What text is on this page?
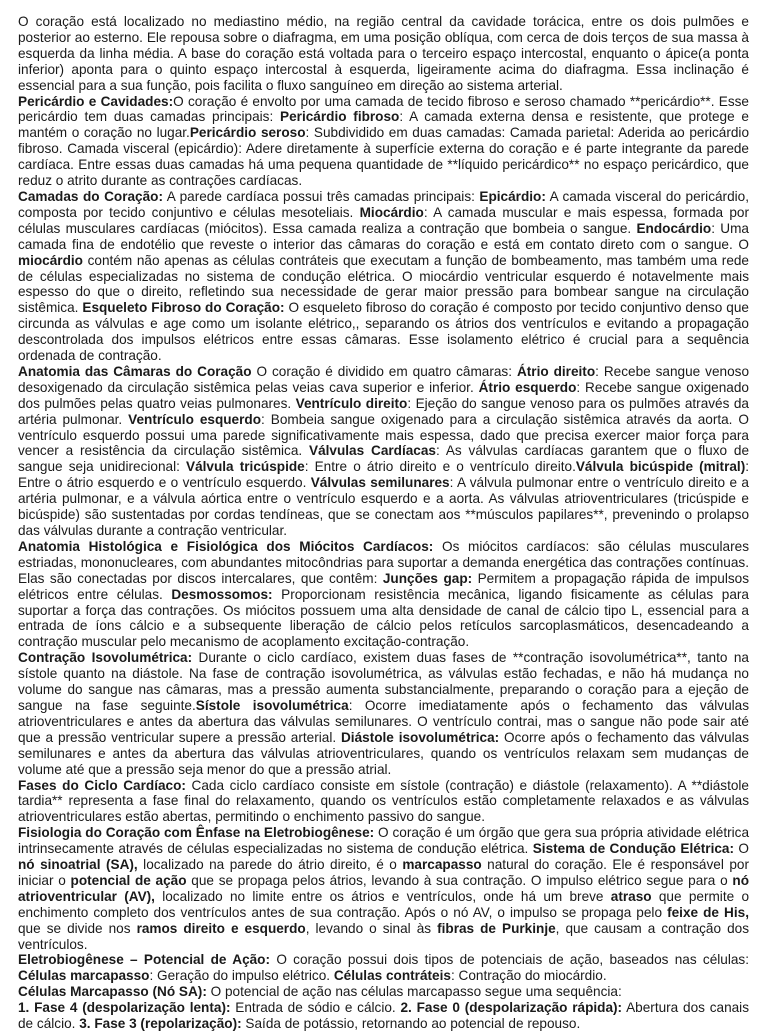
O coração está localizado no mediastino médio, na região central da cavidade torácica, entre os dois pulmões e posterior ao esterno. Ele repousa sobre o diafragma, em uma posição oblíqua, com cerca de dois terços de sua massa à esquerda da linha média. A base do coração está voltada para o terceiro espaço intercostal, enquanto o ápice(a ponta inferior) aponta para o quinto espaço intercostal à esquerda, ligeiramente acima do diafragma. Essa inclinação é essencial para a sua função, pois facilita o fluxo sanguíneo em direção ao sistema arterial.

Pericárdio e Cavidades:O coração é envolto por uma camada de tecido fibroso e seroso chamado **pericárdio**. Esse pericárdio tem duas camadas principais: Pericárdio fibroso: A camada externa densa e resistente, que protege e mantém o coração no lugar.Pericárdio seroso: Subdividido em duas camadas: Camada parietal: Aderida ao pericárdio fibroso. Camada visceral (epicárdio): Adere diretamente à superfície externa do coração e é parte integrante da parede cardíaca. Entre essas duas camadas há uma pequena quantidade de **líquido pericárdico** no espaço pericárdico, que reduz o atrito durante as contrações cardíacas.

Camadas do Coração: A parede cardíaca possui três camadas principais: Epicárdio: A camada visceral do pericárdio, composta por tecido conjuntivo e células mesoteliais. Miocárdio: A camada muscular e mais espessa, formada por células musculares cardíacas (miócitos). Essa camada realiza a contração que bombeia o sangue. Endocárdio: Uma camada fina de endotélio que reveste o interior das câmaras do coração e está em contato direto com o sangue. O miocárdio contém não apenas as células contráteis que executam a função de bombeamento, mas também uma rede de células especializadas no sistema de condução elétrica. O miocárdio ventricular esquerdo é notavelmente mais espesso do que o direito, refletindo sua necessidade de gerar maior pressão para bombear sangue na circulação sistêmica. Esqueleto Fibroso do Coração: O esqueleto fibroso do coração é composto por tecido conjuntivo denso que circunda as válvulas e age como um isolante elétrico,, separando os átrios dos ventrículos e evitando a propagação descontrolada dos impulsos elétricos entre essas câmaras. Esse isolamento elétrico é crucial para a sequência ordenada de contração.

Anatomia das Câmaras do Coração O coração é dividido em quatro câmaras: Átrio direito: Recebe sangue venoso desoxigenado da circulação sistêmica pelas veias cava superior e inferior. Átrio esquerdo: Recebe sangue oxigenado dos pulmões pelas quatro veias pulmonares. Ventrículo direito: Ejeção do sangue venoso para os pulmões através da artéria pulmonar. Ventrículo esquerdo: Bombeia sangue oxigenado para a circulação sistêmica através da aorta. O ventrículo esquerdo possui uma parede significativamente mais espessa, dado que precisa exercer maior força para vencer a resistência da circulação sistêmica. Válvulas Cardíacas: As válvulas cardíacas garantem que o fluxo de sangue seja unidirecional: Válvula tricúspide: Entre o átrio direito e o ventrículo direito.Válvula bicúspide (mitral): Entre o átrio esquerdo e o ventrículo esquerdo. Válvulas semilunares: A válvula pulmonar entre o ventrículo direito e a artéria pulmonar, e a válvula aórtica entre o ventrículo esquerdo e a aorta. As válvulas atrioventriculares (tricúspide e bicúspide) são sustentadas por cordas tendíneas, que se conectam aos **músculos papilares**, prevenindo o prolapso das válvulas durante a contração ventricular.

Anatomia Histológica e Fisiológica dos Miócitos Cardíacos: Os miócitos cardíacos: são células musculares estriadas, mononucleares, com abundantes mitocôndrias para suportar a demanda energética das contrações contínuas. Elas são conectadas por discos intercalares, que contêm: Junções gap: Permitem a propagação rápida de impulsos elétricos entre células. Desmossomos: Proporcionam resistência mecânica, ligando fisicamente as células para suportar a força das contrações. Os miócitos possuem uma alta densidade de canal de cálcio tipo L, essencial para a entrada de íons cálcio e a subsequente liberação de cálcio pelos retículos sarcoplasmáticos, desencadeando a contração muscular pelo mecanismo de acoplamento excitação-contração.

Contração Isovolumétrica: Durante o ciclo cardíaco, existem duas fases de **contração isovolumétrica**, tanto na sístole quanto na diástole. Na fase de contração isovolumétrica, as válvulas estão fechadas, e não há mudança no volume do sangue nas câmaras, mas a pressão aumenta substancialmente, preparando o coração para a ejeção de sangue na fase seguinte.Sístole isovolumétrica: Ocorre imediatamente após o fechamento das válvulas atrioventriculares e antes da abertura das válvulas semilunares. O ventrículo contrai, mas o sangue não pode sair até que a pressão ventricular supere a pressão arterial. Diástole isovolumétrica: Ocorre após o fechamento das válvulas semilunares e antes da abertura das válvulas atrioventriculares, quando os ventrículos relaxam sem mudanças de volume até que a pressão seja menor do que a pressão atrial.

Fases do Ciclo Cardíaco: Cada ciclo cardíaco consiste em sístole (contração) e diástole (relaxamento). A **diástole tardia** representa a fase final do relaxamento, quando os ventrículos estão completamente relaxados e as válvulas atrioventriculares estão abertas, permitindo o enchimento passivo do sangue.

Fisiologia do Coração com Ênfase na Eletrobiogênese: O coração é um órgão que gera sua própria atividade elétrica intrinsecamente através de células especializadas no sistema de condução elétrica. Sistema de Condução Elétrica: O nó sinoatrial (SA), localizado na parede do átrio direito, é o marcapasso natural do coração. Ele é responsável por iniciar o potencial de ação que se propaga pelos átrios, levando à sua contração. O impulso elétrico segue para o nó atrioventricular (AV), localizado no limite entre os átrios e ventrículos, onde há um breve atraso que permite o enchimento completo dos ventrículos antes de sua contração. Após o nó AV, o impulso se propaga pelo feixe de His, que se divide nos ramos direito e esquerdo, levando o sinal às fibras de Purkinje, que causam a contração dos ventrículos.

Eletrobiogênese – Potencial de Ação: O coração possui dois tipos de potenciais de ação, baseados nas células: Células marcapasso: Geração do impulso elétrico. Células contráteis: Contração do miocárdio.

Células Marcapasso (Nó SA): O potencial de ação nas células marcapasso segue uma sequência:

1. Fase 4 (despolarização lenta): Entrada de sódio e cálcio. 2. Fase 0 (despolarização rápida): Abertura dos canais de cálcio. 3. Fase 3 (repolarização): Saída de potássio, retornando ao potencial de repouso.
